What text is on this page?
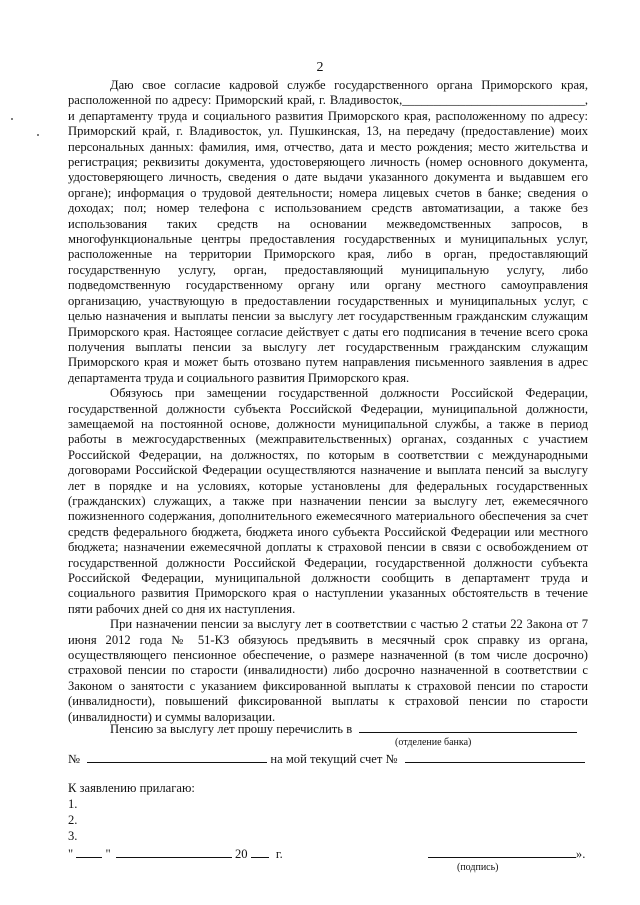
2

Даю свое согласие кадровой службе государственного органа Приморского края, расположенной по адресу: Приморский край, г. Владивосток,_____________________________, и департаменту труда и социального развития Приморского края, расположенному по адресу: Приморский край, г. Владивосток, ул. Пушкинская, 13, на передачу (предоставление) моих персональных данных: фамилия, имя, отчество, дата и место рождения; место жительства и регистрация; реквизиты документа, удостоверяющего личность (номер основного документа, удостоверяющего личность, сведения о дате выдачи указанного документа и выдавшем его органе); информация о трудовой деятельности; номера лицевых счетов в банке; сведения о доходах; пол; номер телефона с использованием средств автоматизации, а также без использования таких средств на основании межведомственных запросов, в многофункциональные центры предоставления государственных и муниципальных услуг, расположенные на территории Приморского края, либо в орган, предоставляющий государственную услугу, орган, предоставляющий муниципальную услугу, либо подведомственную государственному органу или органу местного самоуправления организацию, участвующую в предоставлении государственных и муниципальных услуг, с целью назначения и выплаты пенсии за выслугу лет государственным гражданским служащим Приморского края. Настоящее согласие действует с даты его подписания в течение всего срока получения выплаты пенсии за выслугу лет государственным гражданским служащим Приморского края и может быть отозвано путем направления письменного заявления в адрес департамента труда и социального развития Приморского края.

Обязуюсь при замещении государственной должности Российской Федерации, государственной должности субъекта Российской Федерации, муниципальной должности, замещаемой на постоянной основе, должности муниципальной службы, а также в период работы в межгосударственных (межправительственных) органах, созданных с участием Российской Федерации, на должностях, по которым в соответствии с международными договорами Российской Федерации осуществляются назначение и выплата пенсий за выслугу лет в порядке и на условиях, которые установлены для федеральных государственных (гражданских) служащих, а также при назначении пенсии за выслугу лет, ежемесячного пожизненного содержания, дополнительного ежемесячного материального обеспечения за счет средств федерального бюджета, бюджета иного субъекта Российской Федерации или местного бюджета; назначении ежемесячной доплаты к страховой пенсии в связи с освобождением от государственной должности Российской Федерации, государственной должности субъекта Российской Федерации, муниципальной должности сообщить в департамент труда и социального развития Приморского края о наступлении указанных обстоятельств в течение пяти рабочих дней со дня их наступления.

При назначении пенсии за выслугу лет в соответствии с частью 2 статьи 22 Закона от 7 июня 2012 года № 51-КЗ обязуюсь предъявить в месячный срок справку из органа, осуществляющего пенсионное обеспечение, о размере назначенной (в том числе досрочно) страховой пенсии по старости (инвалидности) либо досрочно назначенной в соответствии с Законом о занятости с указанием фиксированной выплаты к страховой пенсии по старости (инвалидности), повышений фиксированной выплаты к страховой пенсии по старости (инвалидности) и суммы валоризации.

Пенсию за выслугу лет прошу перечислить в
(отделение банка)
№	на мой текущий счет №
К заявлению прилагаю:
1.
2.
3.
"	"	20 г.	».
(подпись)
